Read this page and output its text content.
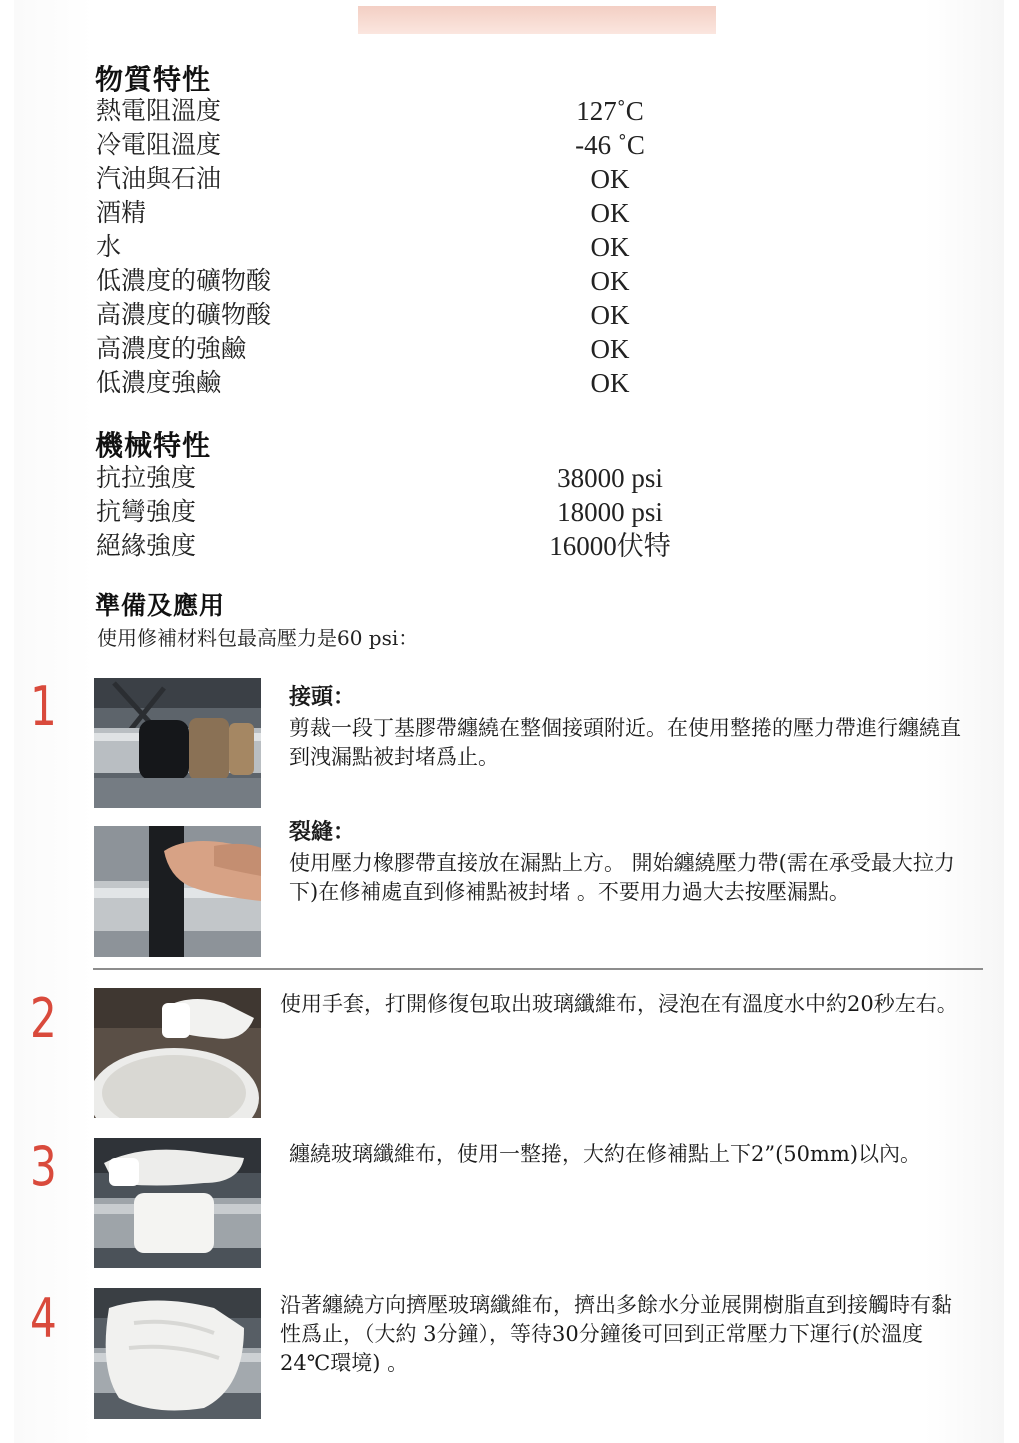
物質特性
熱電阻溫度	127˚C
冷電阻溫度	-46 ˚C
汽油與石油	OK
酒精	OK
水	OK
低濃度的礦物酸	OK
高濃度的礦物酸	OK
高濃度的強鹼	OK
低濃度強鹼	OK
機械特性
抗拉強度	38000 psi
抗彎強度	18000 psi
絕緣強度	16000伏特
準備及應用
使用修補材料包最高壓力是60 psi：
1	接頭：
剪裁一段丁基膠帶纏繞在整個接頭附近。在使用整捲的壓力帶進行纏繞直到洩漏點被封堵爲止。
裂縫：
使用壓力橡膠帶直接放在漏點上方。 開始纏繞壓力帶(需在承受最大拉力下)在修補處直到修補點被封堵 。不要用力過大去按壓漏點。
2	使用手套，打開修復包取出玻璃纖維布，浸泡在有溫度水中約20秒左右。
3	纏繞玻璃纖維布，使用一整捲，大約在修補點上下2”(50mm)以內。
4	沿著纏繞方向擠壓玻璃纖維布，擠出多餘水分並展開樹脂直到接觸時有黏性爲止，（大約 3分鐘），等待30分鐘後可回到正常壓力下運行(於溫度24℃環境) 。
